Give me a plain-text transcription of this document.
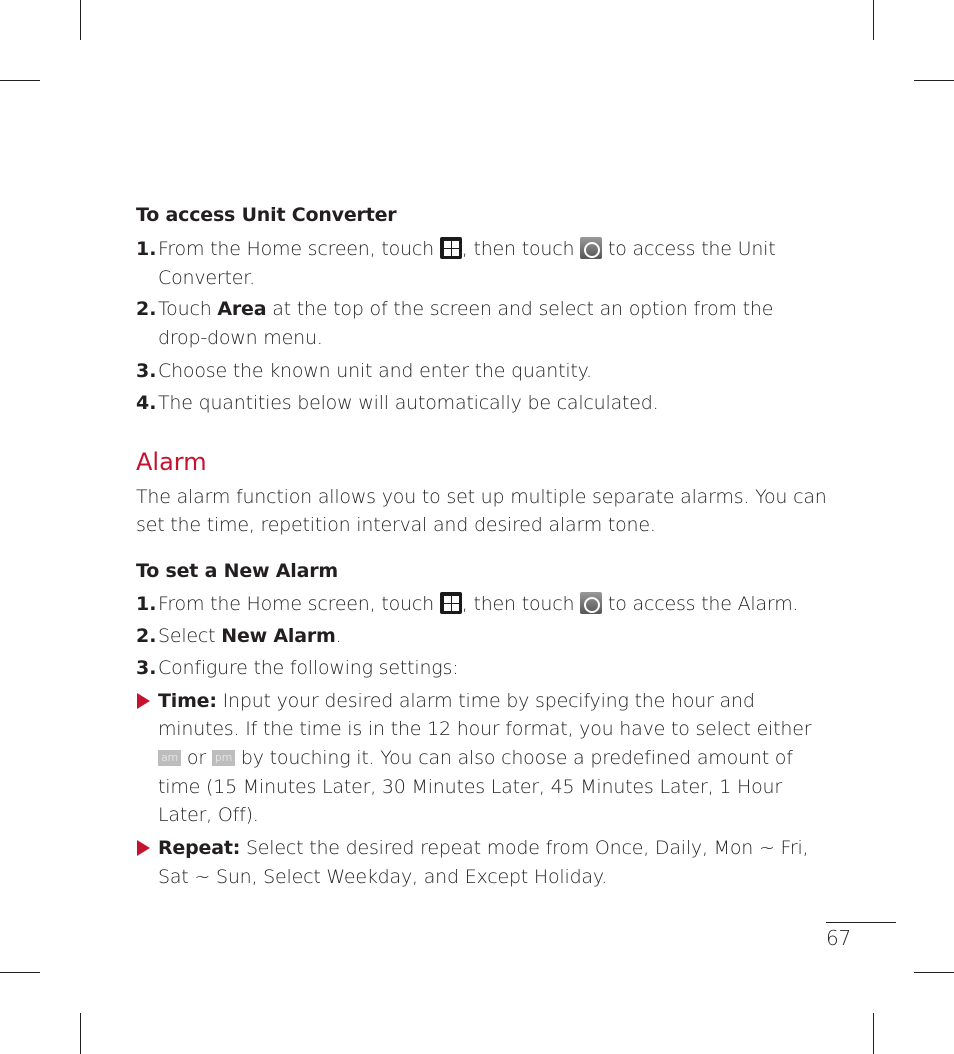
To access Unit Converter
1. From the Home screen, touch
, then touch
to access the Unit
Converter.
2. Touch Area at the top of the screen and select an option from the
drop-down menu.
3. Choose the known unit and enter the quantity.
4. The quantities below will automatically be calculated.
Alarm
The alarm function allows you to set up multiple separate alarms. You can
set the time, repetition interval and desired alarm tone.
To set a New Alarm
1. From the Home screen, touch
, then touch
to access the Alarm.
2. Select New Alarm.
3. Configure the following settings:
Time: Input your desired alarm time by specifying the hour and
minutes. If the time is in the 12 hour format, you have to select either
am or pm by touching it. You can also choose a predefined amount of
time (15 Minutes Later, 30 Minutes Later, 45 Minutes Later, 1 Hour
Later, Off).
Repeat: Select the desired repeat mode from Once, Daily, Mon ~ Fri,
Sat ~ Sun, Select Weekday, and Except Holiday.
67
